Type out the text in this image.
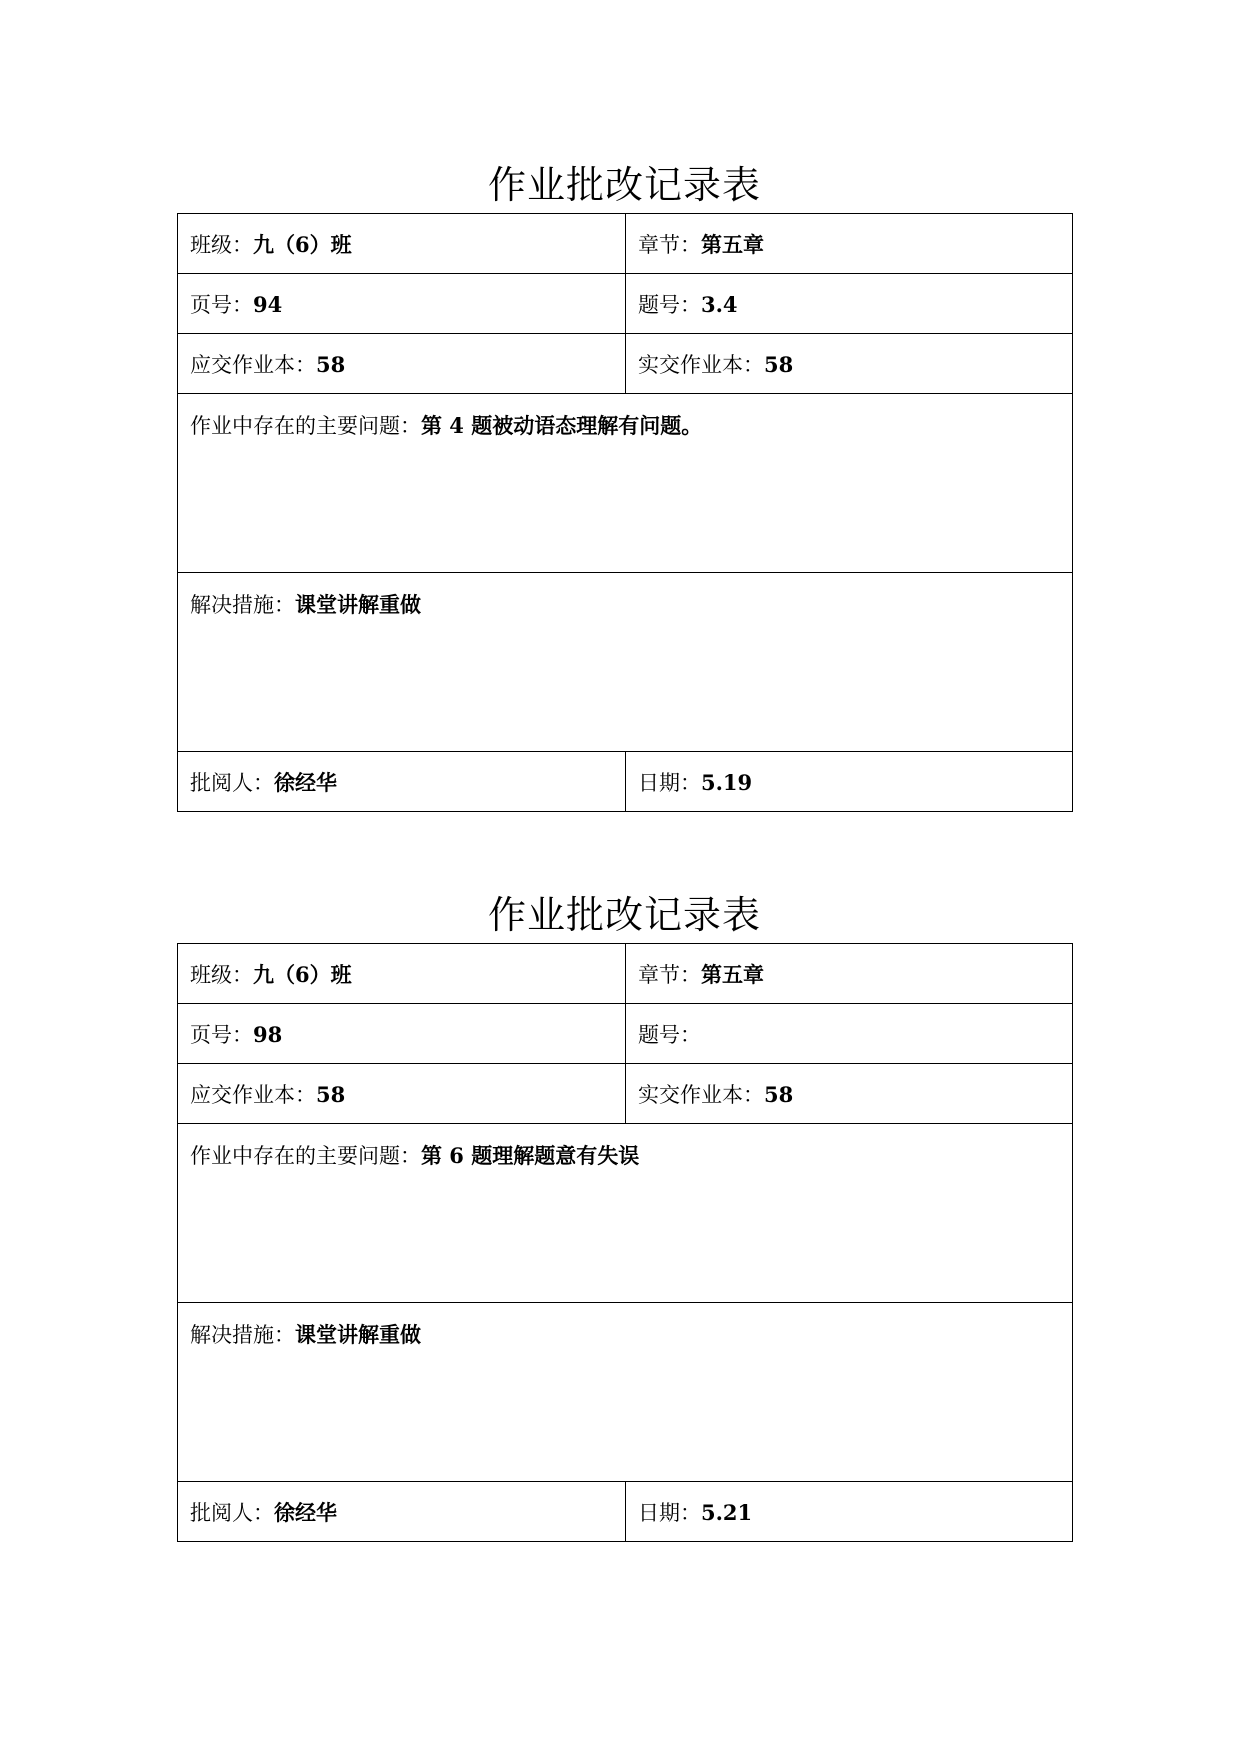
作业批改记录表
班级：九（6）班	章节：第五章
页号：94	题号：3.4
应交作业本：58	实交作业本：58
作业中存在的主要问题：第 4 题被动语态理解有问题。	
解决措施：课堂讲解重做	
批阅人：徐经华	日期：5.19
作业批改记录表
班级：九（6）班	章节：第五章
页号：98	题号：
应交作业本：58	实交作业本：58
作业中存在的主要问题：第 6 题理解题意有失误	
解决措施：课堂讲解重做	
批阅人：徐经华	日期：5.21
